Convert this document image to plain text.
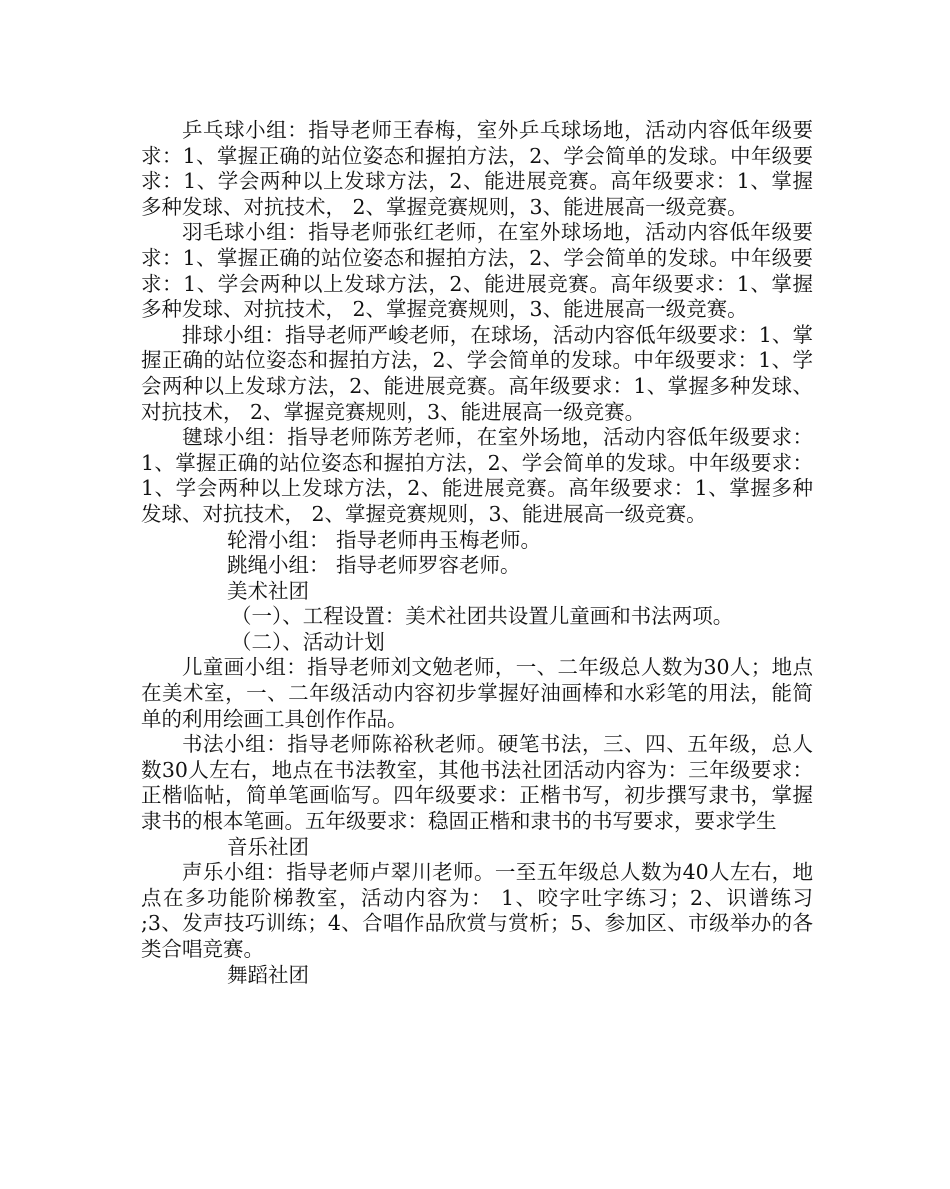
乒乓球小组：指导老师王春梅，室外乒乓球场地，活动内容低年级要求：1、掌握正确的站位姿态和握拍方法，2、学会简单的发球。中年级要求：1、学会两种以上发球方法，2、能进展竞赛。高年级要求：1、掌握多种发球、对抗技术， 2、掌握竞赛规则，3、能进展高一级竞赛。

羽毛球小组：指导老师张红老师，在室外球场地，活动内容低年级要求：1、掌握正确的站位姿态和握拍方法，2、学会简单的发球。中年级要求：1、学会两种以上发球方法，2、能进展竞赛。高年级要求：1、掌握多种发球、对抗技术， 2、掌握竞赛规则，3、能进展高一级竞赛。

排球小组：指导老师严峻老师，在球场，活动内容低年级要求：1、掌握正确的站位姿态和握拍方法，2、学会简单的发球。中年级要求：1、学会两种以上发球方法，2、能进展竞赛。高年级要求：1、掌握多种发球、对抗技术， 2、掌握竞赛规则，3、能进展高一级竞赛。

毽球小组：指导老师陈芳老师，在室外场地，活动内容低年级要求：1、掌握正确的站位姿态和握拍方法，2、学会简单的发球。中年级要求：1、学会两种以上发球方法，2、能进展竞赛。高年级要求：1、掌握多种发球、对抗技术， 2、掌握竞赛规则，3、能进展高一级竞赛。

轮滑小组： 指导老师冉玉梅老师。

跳绳小组： 指导老师罗容老师。

美术社团

（一）、工程设置：美术社团共设置儿童画和书法两项。

（二）、活动计划

儿童画小组：指导老师刘文勉老师，一、二年级总人数为30人；地点在美术室，一、二年级活动内容初步掌握好油画棒和水彩笔的用法，能简单的利用绘画工具创作作品。

书法小组：指导老师陈裕秋老师。硬笔书法，三、四、五年级，总人数30人左右，地点在书法教室，其他书法社团活动内容为：三年级要求：正楷临帖，简单笔画临写。四年级要求：正楷书写，初步撰写隶书，掌握隶书的根本笔画。五年级要求：稳固正楷和隶书的书写要求，要求学生

音乐社团

声乐小组：指导老师卢翠川老师。一至五年级总人数为40人左右，地点在多功能阶梯教室，活动内容为： 1、咬字吐字练习；2、识谱练习 ;3、发声技巧训练；4、合唱作品欣赏与赏析；5、参加区、市级举办的各类合唱竞赛。

舞蹈社团
